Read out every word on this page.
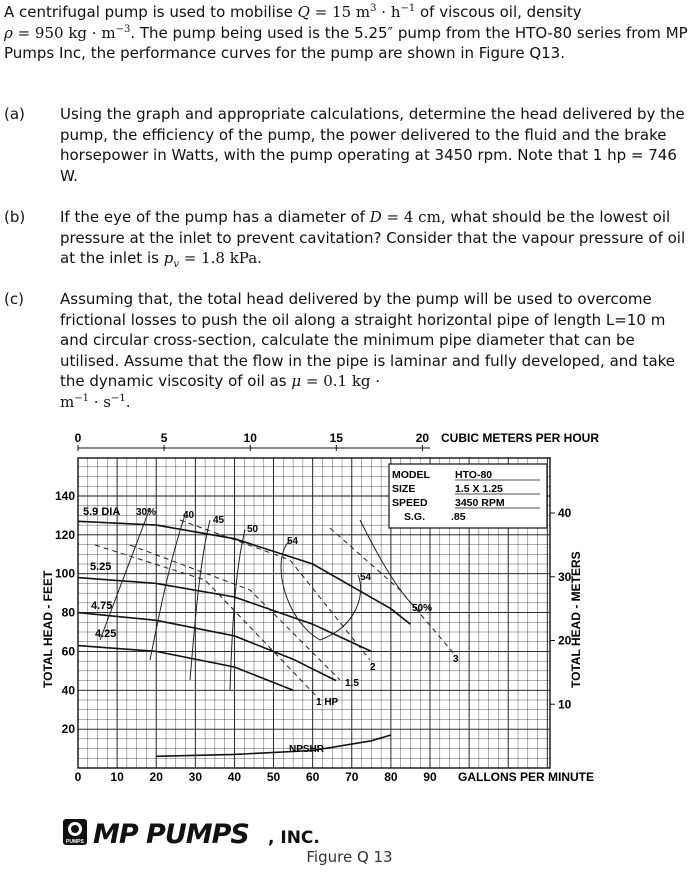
A centrifugal pump is used to mobilise Q = 15 $m^3 \cdot h^{-1}$ of viscous oil, density
ρ = 950 kg · $m^{-3}$. The pump being used is the 5.25″ pump from the HTO-80 series from MP Pumps Inc, the performance curves for the pump are shown in Figure Q13.

(a) Using the graph and appropriate calculations, determine the head delivered by the pump, the efficiency of the pump, the power delivered to the fluid and the brake horsepower in Watts, with the pump operating at 3450 rpm. Note that 1 hp = 746 W.

(b) If the eye of the pump has a diameter of D = 4 cm, what should be the lowest oil pressure at the inlet to prevent cavitation? Consider that the vapour pressure of oil at the inlet is $p_v = 1.8$ kPa.

(c) Assuming that, the total head delivered by the pump will be used to overcome frictional losses to push the oil along a straight horizontal pipe of length L=10 m and circular cross-section, calculate the minimum pipe diameter that can be utilised. Assume that the flow in the pipe is laminar and fully developed, and take the dynamic viscosity of oil as μ = 0.1 kg ·
$m^{-1} \cdot s^{-1}$.

0	5	10	15	20 CUBIC METERS PER HOUR
140
120
100
80
60
40
20
40
30
20
10
0 10 20 30 40 50 60 70 80 90
TOTAL HEAD - FEET	TOTAL HEAD - METERS
GALLONS PER MINUTE
5.9 DIA
5.25
4.75
4.25
30%	40 45
50
54
54
50%
1 HP
1.5
2
3
NPSHR
MODEL HTO-80
SIZE	1.5 X 1.25
SPEED	3450 RPM
S.G. .85
PUMPS MP PUMPS , INC.
Figure Q 13
